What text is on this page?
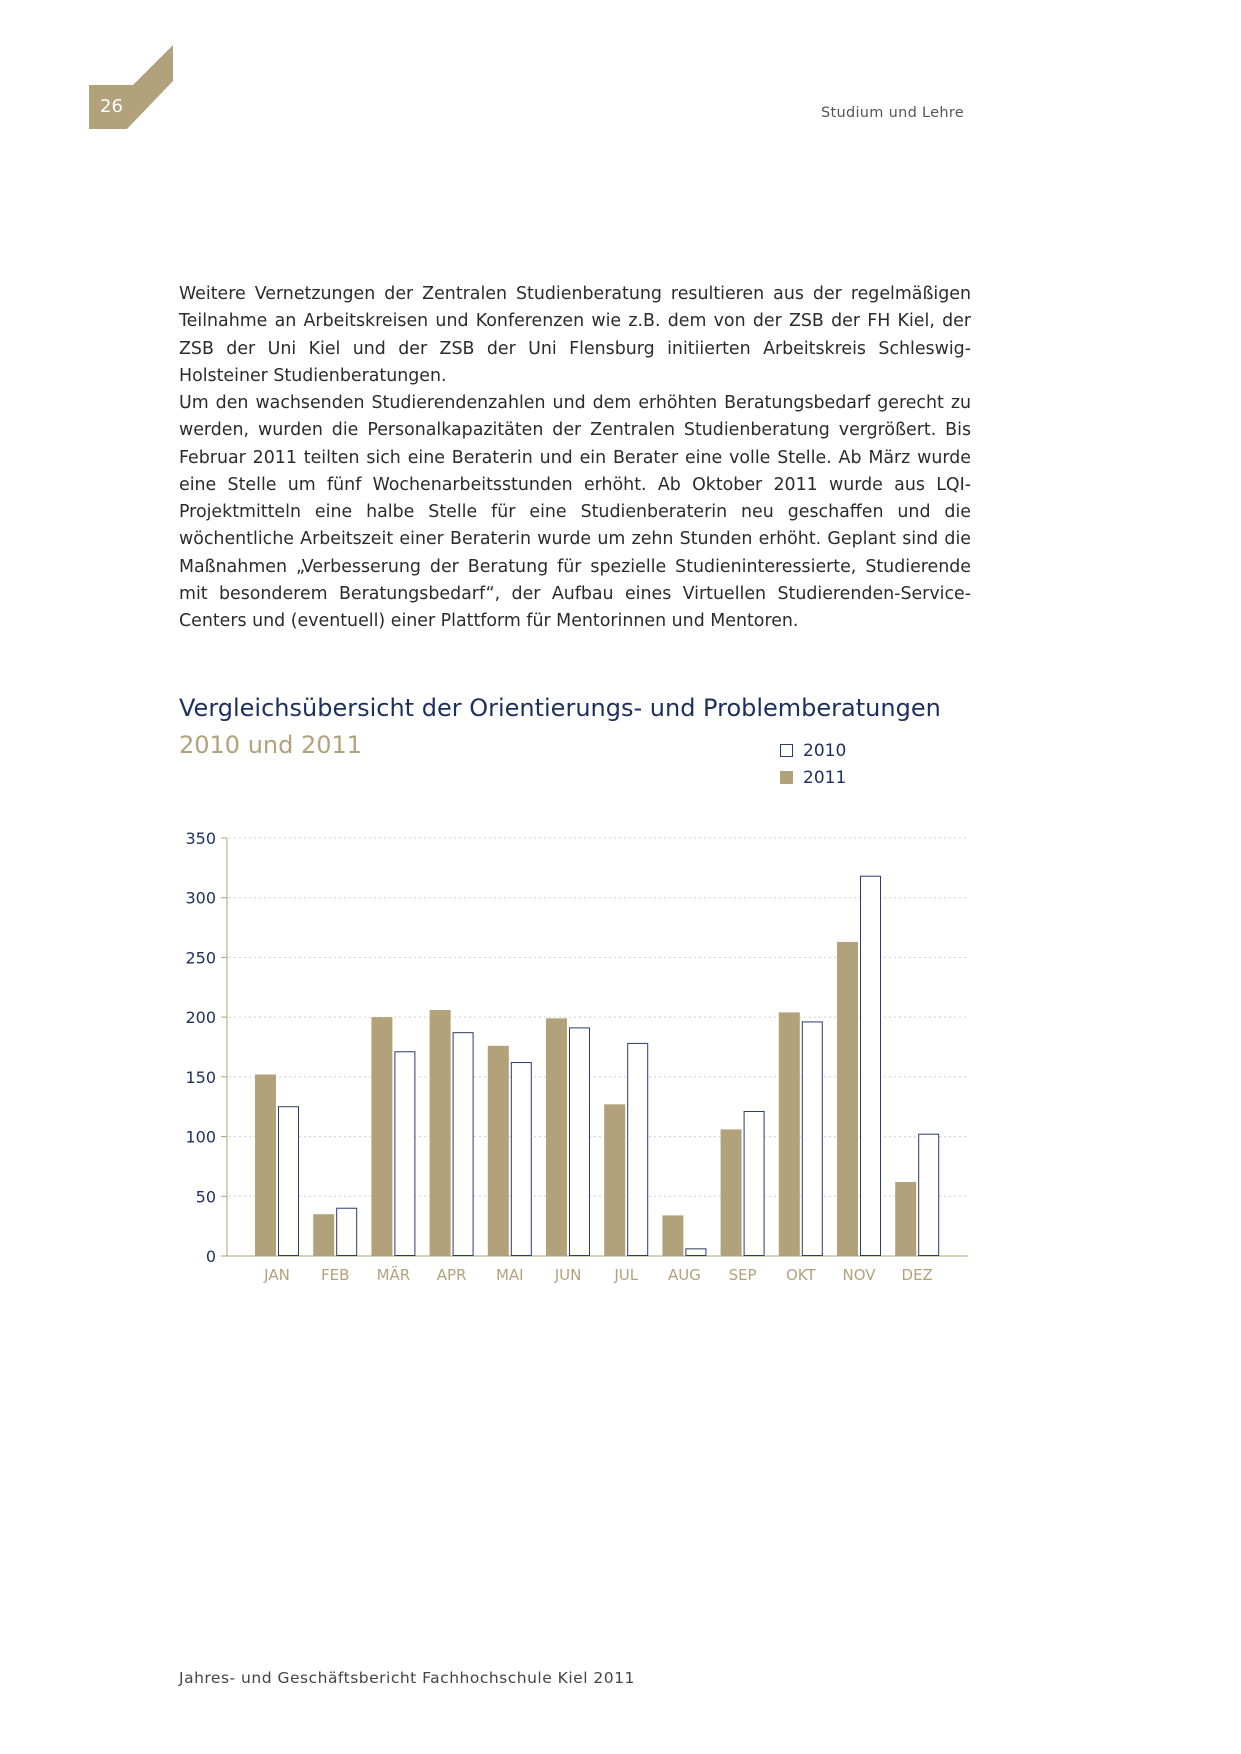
26	Studium und Lehre

Weitere Vernetzungen der Zentralen Studienberatung resultieren aus der regelmäßigen Teilnahme an Arbeitskreisen und Konferenzen wie z.B. dem von der ZSB der FH Kiel, der ZSB der Uni Kiel und der ZSB der Uni Flensburg initiierten Arbeitskreis Schleswig-Holsteiner Studienberatungen.

Um den wachsenden Studierendenzahlen und dem erhöhten Beratungsbedarf gerecht zu werden, wurden die Personalkapazitäten der Zentralen Studienberatung vergrößert. Bis Februar 2011 teilten sich eine Beraterin und ein Berater eine volle Stelle. Ab März wurde eine Stelle um fünf Wochenarbeitsstunden erhöht. Ab Oktober 2011 wurde aus LQI-Projektmitteln eine halbe Stelle für eine Studienberaterin neu geschaffen und die wöchentliche Arbeitszeit einer Beraterin wurde um zehn Stunden erhöht. Geplant sind die Maßnahmen „Verbesserung der Beratung für spezielle Studieninteressierte, Studierende mit besonderem Beratungsbedarf“, der Aufbau eines Virtuellen Studierenden-Service-Centers und (eventuell) einer Plattform für Mentorinnen und Mentoren.

Vergleichsübersicht der Orientierungs- und Problemberatungen
2010 und 2011	2010
2011
0
50
100
150
200
250
300
350
JAN FEB MÄR APR MAI JUN JUL AUG SEP OKT NOV DEZ
Jahres- und Geschäftsbericht Fachhochschule Kiel 2011
